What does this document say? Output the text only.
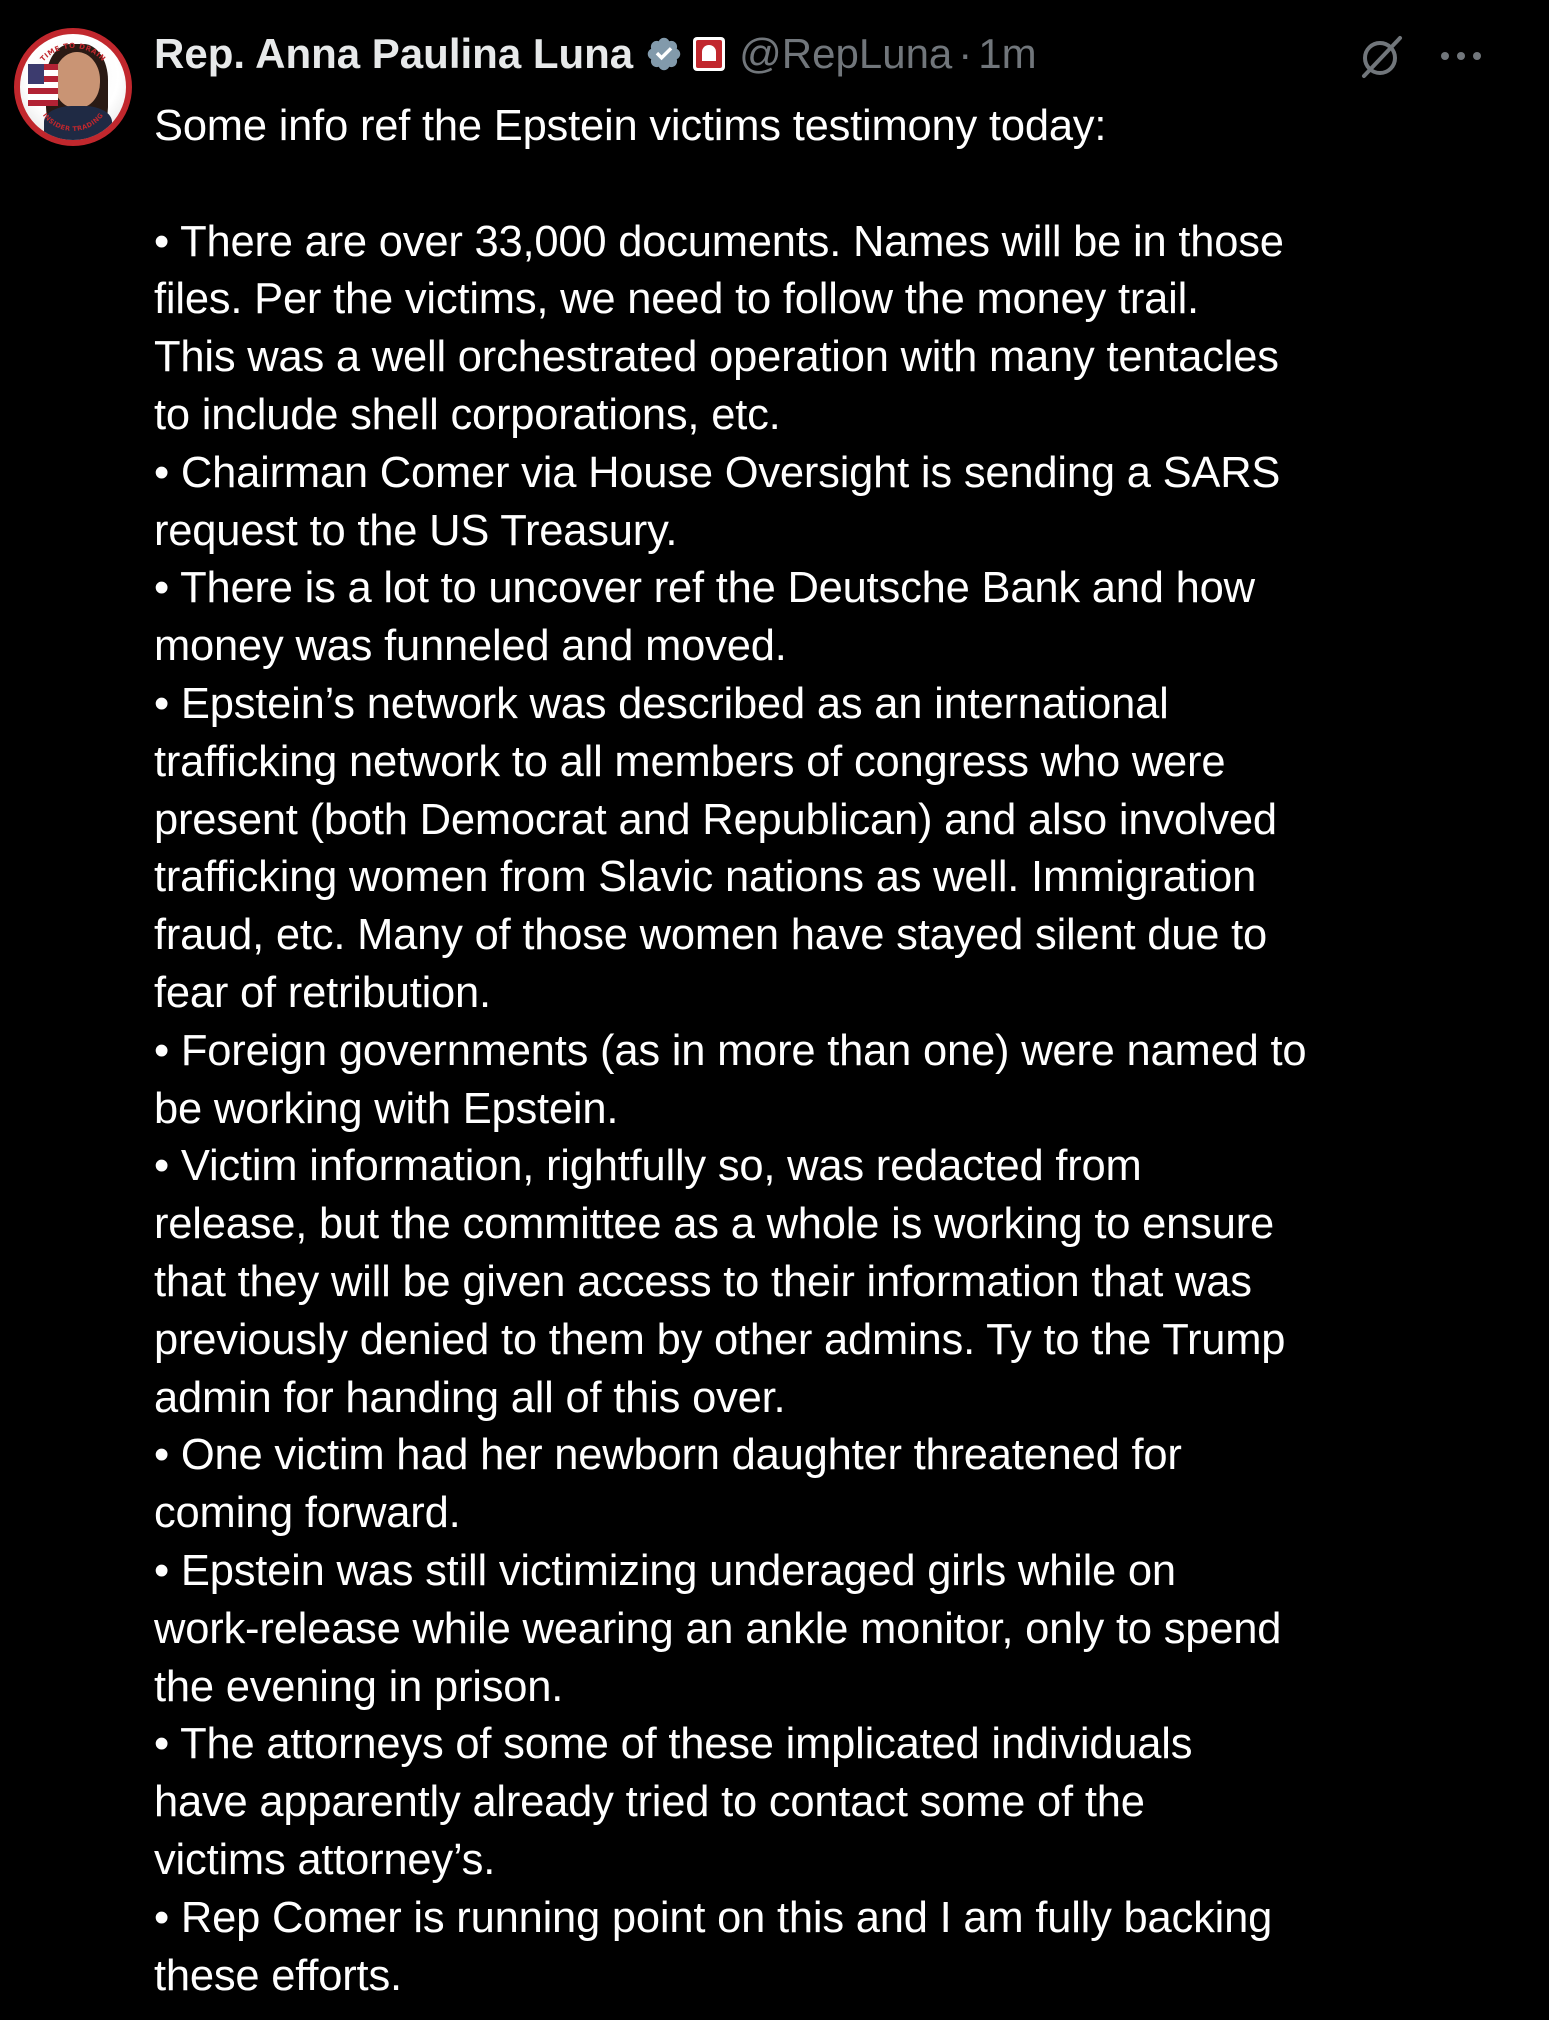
TIME TO DRAIN
INSIDER TRADING
Rep. Anna Paulina Luna	@RepLuna · 1m
Some info ref the Epstein victims testimony today:
• There are over 33,000 documents. Names will be in those
files. Per the victims, we need to follow the money trail.
This was a well orchestrated operation with many tentacles
to include shell corporations, etc.
• Chairman Comer via House Oversight is sending a SARS
request to the US Treasury.
• There is a lot to uncover ref the Deutsche Bank and how
money was funneled and moved.
• Epstein’s network was described as an international
trafficking network to all members of congress who were
present (both Democrat and Republican) and also involved
trafficking women from Slavic nations as well. Immigration
fraud, etc. Many of those women have stayed silent due to
fear of retribution.
• Foreign governments (as in more than one) were named to
be working with Epstein.
• Victim information, rightfully so, was redacted from
release, but the committee as a whole is working to ensure
that they will be given access to their information that was
previously denied to them by other admins. Ty to the Trump
admin for handing all of this over.
• One victim had her newborn daughter threatened for
coming forward.
• Epstein was still victimizing underaged girls while on
work-release while wearing an ankle monitor, only to spend
the evening in prison.
• The attorneys of some of these implicated individuals
have apparently already tried to contact some of the
victims attorney’s.
• Rep Comer is running point on this and I am fully backing
these efforts.
